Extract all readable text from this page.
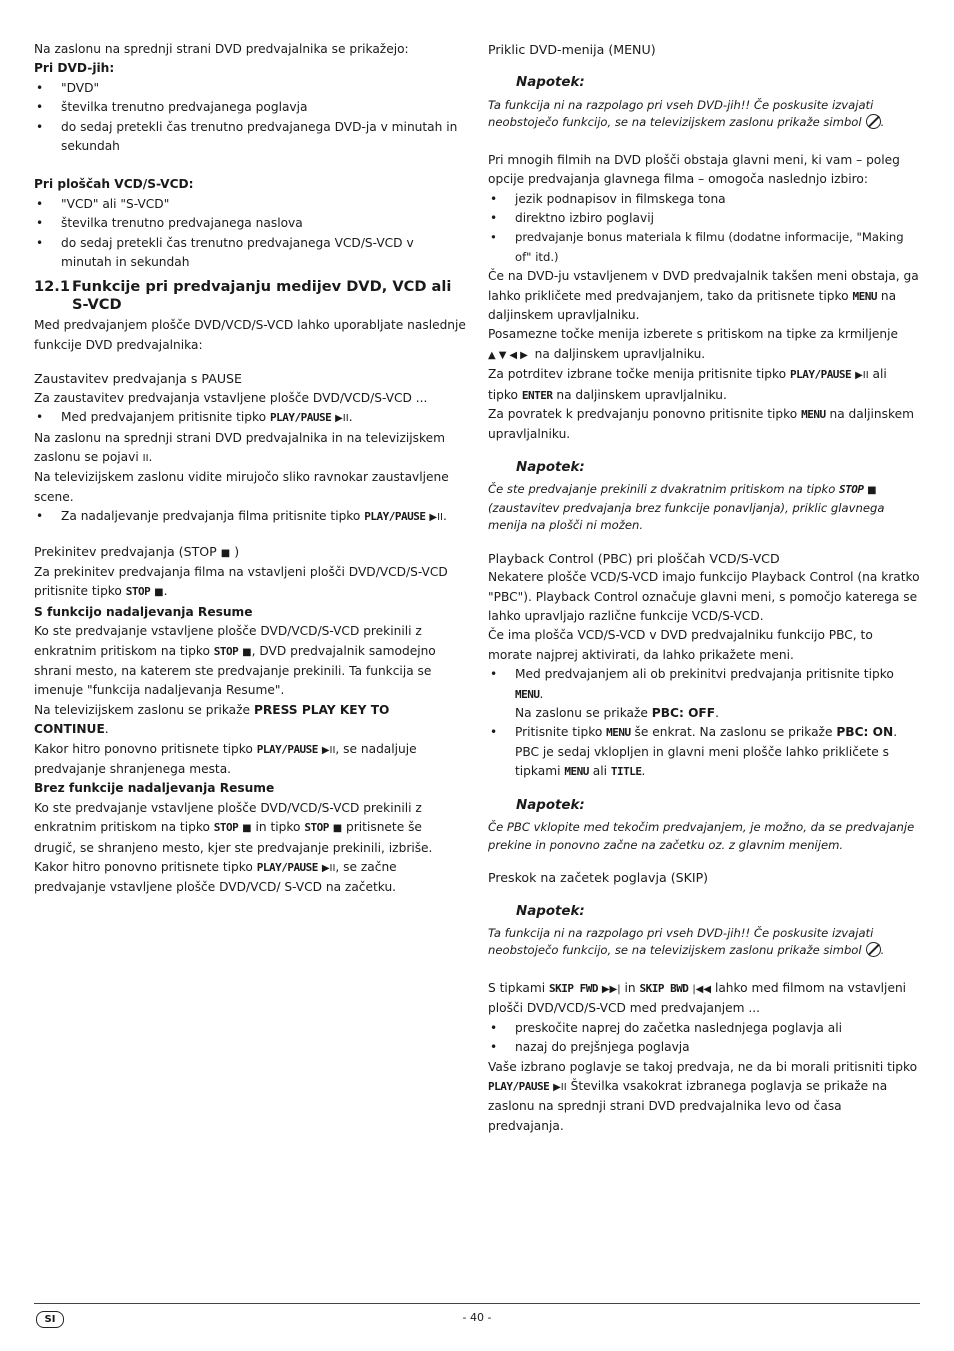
Na zaslonu na sprednji strani DVD predvajalnika se prikažejo:

Pri DVD-jih:

• "DVD"
• številka trenutno predvajanega poglavja
• do sedaj pretekli čas trenutno predvajanega DVD-ja v minutah in sekundah

Pri ploščah VCD/S-VCD:

• "VCD" ali "S-VCD"
• številka trenutno predvajanega naslova
• do sedaj pretekli čas trenutno predvajanega VCD/S-VCD v minutah in sekundah
12.1 Funkcije pri predvajanju medijev DVD, VCD ali
S-VCD

Med predvajanjem plošče DVD/VCD/S-VCD lahko uporabljate naslednje funkcije DVD predvajalnika:

Zaustavitev predvajanja s PAUSE

Za zaustavitev predvajanja vstavljene plošče DVD/VCD/S-VCD ...

• Med predvajanjem pritisnite tipko PLAY/PAUSE ▶II.

Na zaslonu na sprednji strani DVD predvajalnika in na televizijskem zaslonu se pojavi II.

Na televizijskem zaslonu vidite mirujočo sliko ravnokar zaustavljene scene.

• Za nadaljevanje predvajanja filma pritisnite tipko PLAY/PAUSE ▶II.

Prekinitev predvajanja (STOP ■ )

Za prekinitev predvajanja filma na vstavljeni plošči DVD/VCD/S-VCD pritisnite tipko STOP ■.

S funkcijo nadaljevanja Resume

Ko ste predvajanje vstavljene plošče DVD/VCD/S-VCD prekinili z enkratnim pritiskom na tipko STOP ■, DVD predvajalnik samodejno shrani mesto, na katerem ste predvajanje prekinili. Ta funkcija se imenuje "funkcija nadaljevanja Resume".

Na televizijskem zaslonu se prikaže PRESS PLAY KEY TO CONTINUE.

Kakor hitro ponovno pritisnete tipko PLAY/PAUSE ▶II, se nadaljuje predvajanje shranjenega mesta.

Brez funkcije nadaljevanja Resume

Ko ste predvajanje vstavljene plošče DVD/VCD/S-VCD prekinili z enkratnim pritiskom na tipko STOP ■ in tipko STOP ■ pritisnete še drugič, se shranjeno mesto, kjer ste predvajanje prekinili, izbriše. Kakor hitro ponovno pritisnete tipko PLAY/PAUSE ▶II, se začne predvajanje vstavljene plošče DVD/VCD/ S-VCD na začetku.

Priklic DVD-menija (MENU)

Napotek:

Ta funkcija ni na razpolago pri vseh DVD-jih!! Če poskusite izvajati neobstoječo funkcijo, se na televizijskem zaslonu prikaže simbol .

Pri mnogih filmih na DVD plošči obstaja glavni meni, ki vam – poleg opcije predvajanja glavnega filma – omogoča naslednjo izbiro:

• jezik podnapisov in filmskega tona
• direktno izbiro poglavij
• predvajanje bonus materiala k filmu (dodatne informacije, "Making of" itd.)

Če na DVD-ju vstavljenem v DVD predvajalnik takšen meni obstaja, ga lahko prikličete med predvajanjem, tako da pritisnete tipko MENU na daljinskem upravljalniku.

Posamezne točke menija izberete s pritiskom na tipke za krmiljenje ▲▼◀▶ na daljinskem upravljalniku.

Za potrditev izbrane točke menija pritisnite tipko PLAY/PAUSE ▶II ali tipko ENTER na daljinskem upravljalniku.

Za povratek k predvajanju ponovno pritisnite tipko MENU na daljinskem upravljalniku.

Napotek:

Če ste predvajanje prekinili z dvakratnim pritiskom na tipko STOP ■ (zaustavitev predvajanja brez funkcije ponavljanja), priklic glavnega menija na plošči ni možen.

Playback Control (PBC) pri ploščah VCD/S-VCD

Nekatere plošče VCD/S-VCD imajo funkcijo Playback Control (na kratko "PBC"). Playback Control označuje glavni meni, s pomočjo katerega se lahko upravljajo različne funkcije VCD/S-VCD.

Če ima plošča VCD/S-VCD v DVD predvajalniku funkcijo PBC, to morate najprej aktivirati, da lahko prikažete meni.

• Med predvajanjem ali ob prekinitvi predvajanja pritisnite tipko MENU.
Na zaslonu se prikaže PBC: OFF.
• Pritisnite tipko MENU še enkrat. Na zaslonu se prikaže PBC: ON. PBC je sedaj vklopljen in glavni meni plošče lahko prikličete s tipkami MENU ali TITLE.

Napotek:

Če PBC vklopite med tekočim predvajanjem, je možno, da se predvajanje prekine in ponovno začne na začetku oz. z glavnim menijem.

Preskok na začetek poglavja (SKIP)

Napotek:

Ta funkcija ni na razpolago pri vseh DVD-jih!! Če poskusite izvajati neobstoječo funkcijo, se na televizijskem zaslonu prikaže simbol .

S tipkami SKIP FWD ▶▶| in SKIP BWD |◀◀ lahko med filmom na vstavljeni plošči DVD/VCD/S-VCD med predvajanjem ...

• preskočite naprej do začetka naslednjega poglavja ali
• nazaj do prejšnjega poglavja

Vaše izbrano poglavje se takoj predvaja, ne da bi morali pritisniti tipko PLAY/PAUSE ▶II Številka vsakokrat izbranega poglavja se prikaže na zaslonu na sprednji strani DVD predvajalnika levo od časa predvajanja.

SI	- 40 -
